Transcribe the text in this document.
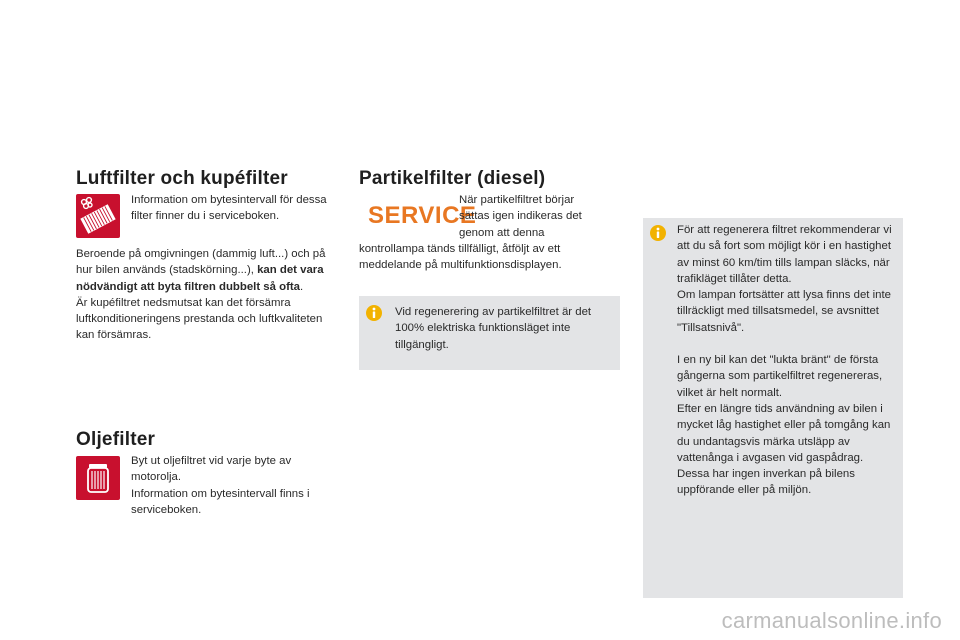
Luftfilter och kupéfilter
Information om bytesintervall för dessa filter finner du i serviceboken.

Beroende på omgivningen (dammig luft...) och på hur bilen används (stadskörning...), kan det vara nödvändigt att byta filtren dubbelt så ofta.

Är kupéfiltret nedsmutsat kan det försämra luftkonditioneringens prestanda och luftkvaliteten kan försämras.

Oljefilter

Byt ut oljefiltret vid varje byte av motorolja.

Information om bytesintervall finns i serviceboken.

Partikelfilter (diesel)
SERVICE

När partikelfiltret börjar sättas igen indikeras det genom att denna kontrollampa tänds tillfälligt, åtföljt av ett meddelande på multifunktionsdisplayen.

Vid regenerering av partikelfiltret är det 100% elektriska funktionsläget inte tillgängligt.

För att regenerera filtret rekommenderar vi att du så fort som möjligt kör i en hastighet av minst 60 km/tim tills lampan släcks, när trafikläget tillåter detta.

Om lampan fortsätter att lysa finns det inte tillräckligt med tillsatsmedel, se avsnittet "Tillsatsnivå".

I en ny bil kan det "lukta bränt" de första gångerna som partikelfiltret regenereras, vilket är helt normalt.

Efter en längre tids användning av bilen i mycket låg hastighet eller på tomgång kan du undantagsvis märka utsläpp av vattenånga i avgasen vid gaspådrag.

Dessa har ingen inverkan på bilens uppförande eller på miljön.

carmanualsonline.info
